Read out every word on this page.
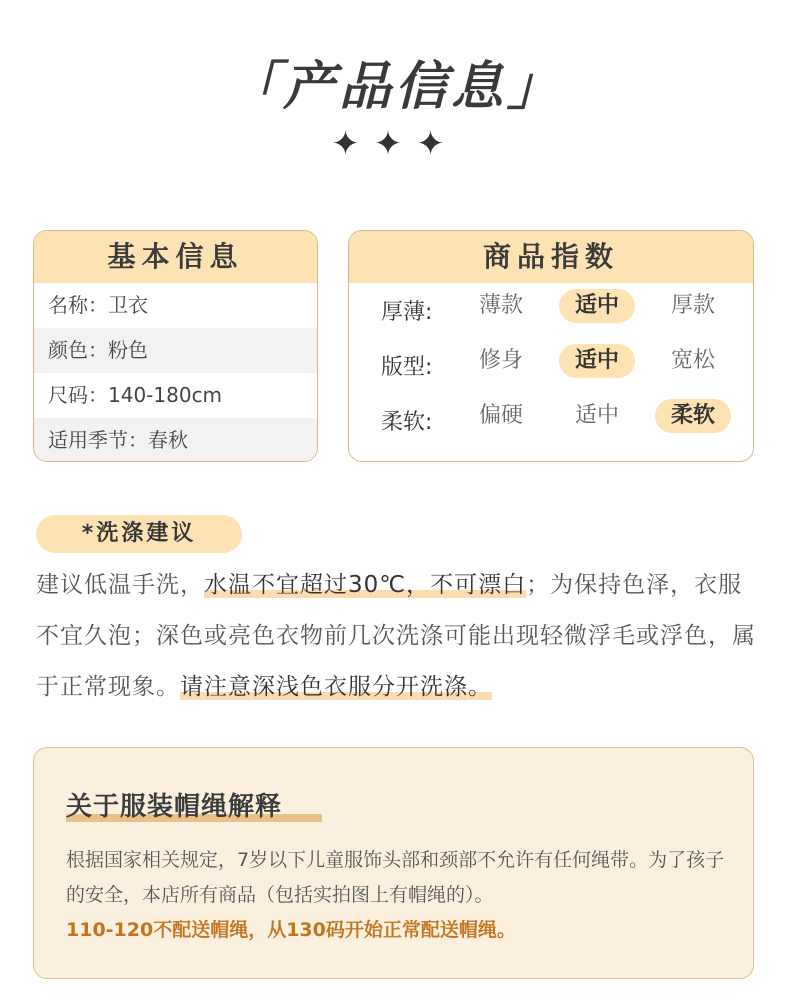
「产品信息」
✦✦✦
基本信息
名称：卫衣
颜色：粉色
尺码：140-180cm
适用季节：春秋
商品指数
厚薄:	薄款	适中	厚款
版型:	修身	适中	宽松
柔软:	偏硬	适中	柔软
*洗涤建议
建议低温手洗，水温不宜超过30℃，不可漂白；为保持色泽，衣服不宜久泡；深色或亮色衣物前几次洗涤可能出现轻微浮毛或浮色，属于正常现象。请注意深浅色衣服分开洗涤。
关于服装帽绳解释
根据国家相关规定，7岁以下儿童服饰头部和颈部不允许有任何绳带。为了孩子的安全，本店所有商品（包括实拍图上有帽绳的）。
110-120不配送帽绳，从130码开始正常配送帽绳。
